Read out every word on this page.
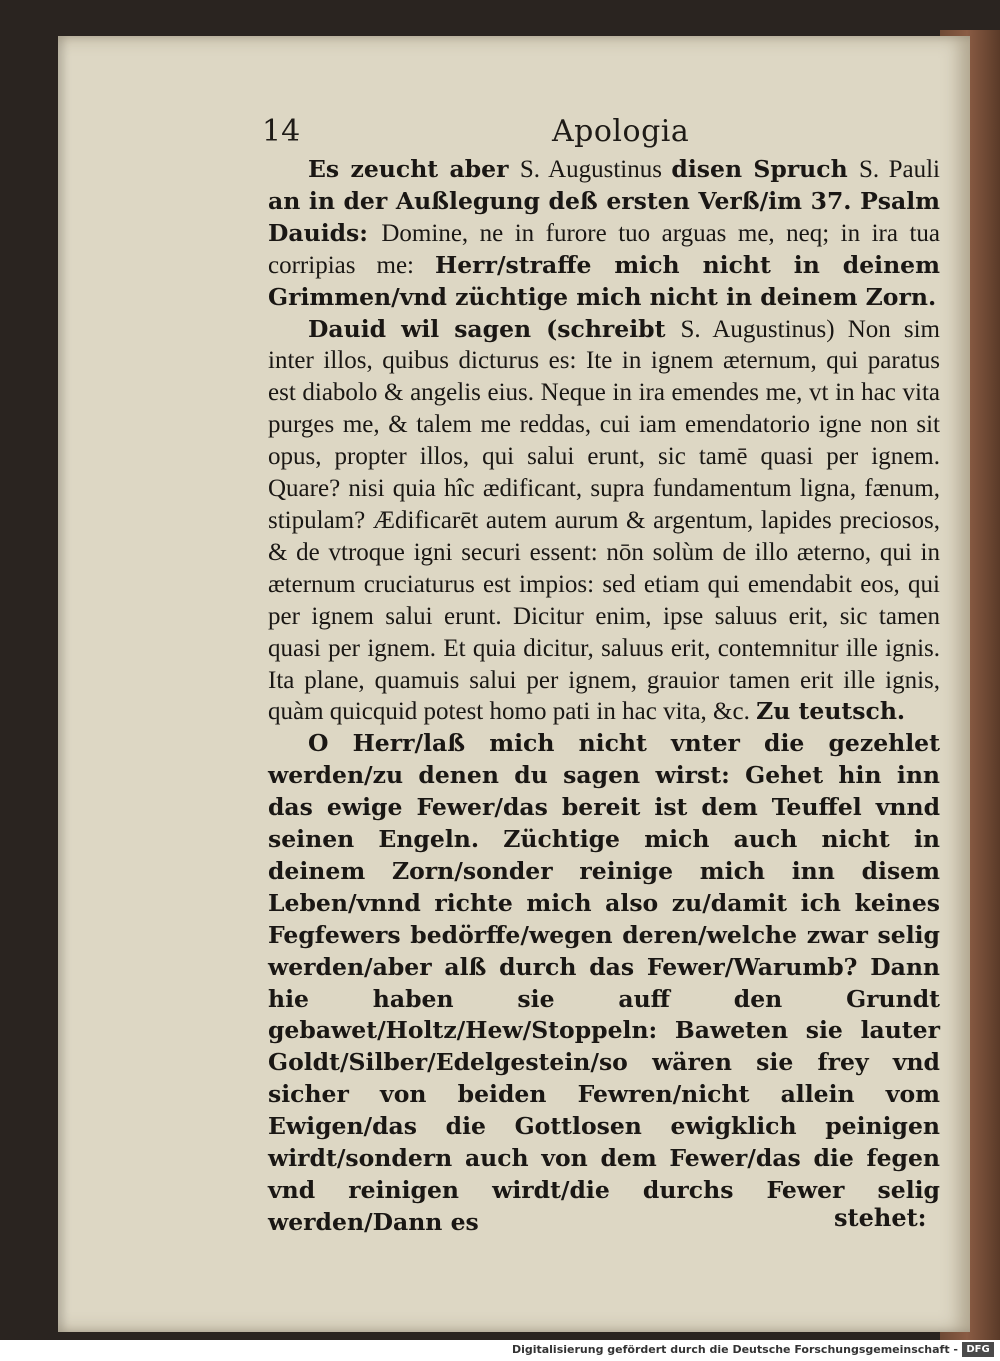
14	Apologia

Es zeucht aber S. Augustinus disen Spruch S. Pauli an in der Außlegung deß ersten Verß/im 37. Psalm Dauids: Domine, ne in furore tuo arguas me, neq; in ira tua corripias me: Herr/straffe mich nicht in deinem Grimmen/vnd züchtige mich nicht in deinem Zorn.

Dauid wil sagen (schreibt S. Augustinus) Non sim inter illos, quibus dicturus es: Ite in ignem æternum, qui paratus est diabolo & angelis eius. Neque in ira emendes me, vt in hac vita purges me, & talem me reddas, cui iam emendatorio igne non sit opus, propter illos, qui salui erunt, sic tamē quasi per ignem. Quare? nisi quia hîc ædificant, supra fundamentum ligna, fænum, stipulam? Ædificarēt autem aurum & argentum, lapides preciosos, & de vtroque igni securi essent: nōn solùm de illo æterno, qui in æternum cruciaturus est impios: sed etiam qui emendabit eos, qui per ignem salui erunt. Dicitur enim, ipse saluus erit, sic tamen quasi per ignem. Et quia dicitur, saluus erit, contemnitur ille ignis. Ita plane, quamuis salui per ignem, grauior tamen erit ille ignis, quàm quicquid potest homo pati in hac vita, &c. Zu teutsch.

O Herr/laß mich nicht vnter die gezehlet werden/zu denen du sagen wirst: Gehet hin inn das ewige Fewer/das bereit ist dem Teuffel vnnd seinen Engeln. Züchtige mich auch nicht in deinem Zorn/sonder reinige mich inn disem Leben/vnnd richte mich also zu/damit ich keines Fegfewers bedörffe/wegen deren/welche zwar selig werden/aber alß durch das Fewer/Warumb? Dann hie haben sie auff den Grundt gebawet/Holtz/Hew/Stoppeln: Baweten sie lauter Goldt/Silber/Edelgestein/so wären sie frey vnd sicher von beiden Fewren/nicht allein vom Ewigen/das die Gottlosen ewigklich peinigen wirdt/sondern auch von dem Fewer/das die fegen vnd reinigen wirdt/die durchs Fewer selig werden/Dann es	stehet:
Digitalisierung gefördert durch die Deutsche Forschungsgemeinschaft - DFG
